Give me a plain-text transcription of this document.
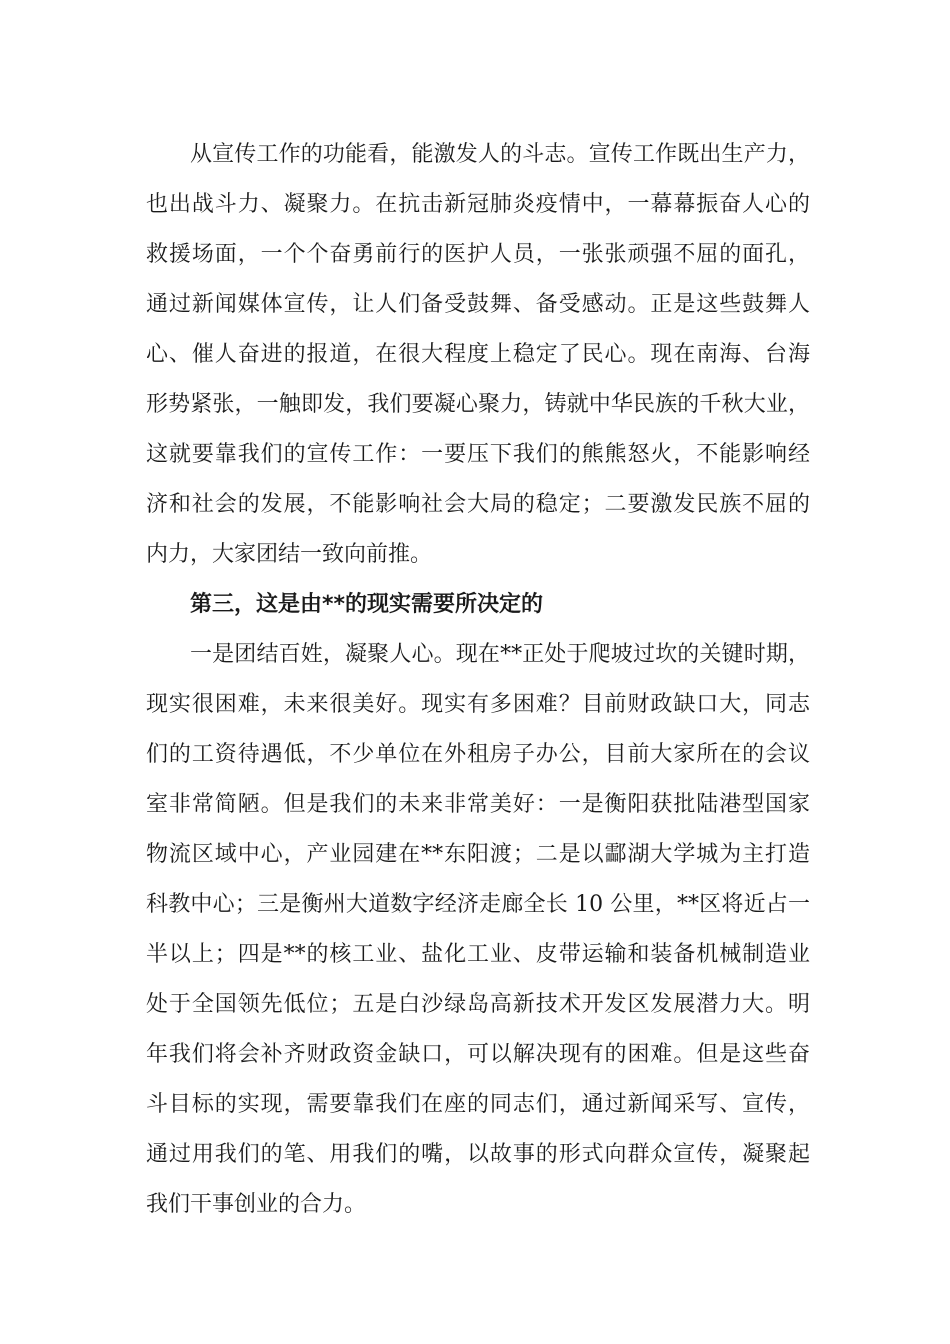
从宣传工作的功能看，能激发人的斗志。宣传工作既出生产力，
也出战斗力、凝聚力。在抗击新冠肺炎疫情中，一幕幕振奋人心的
救援场面，一个个奋勇前行的医护人员，一张张顽强不屈的面孔，
通过新闻媒体宣传，让人们备受鼓舞、备受感动。正是这些鼓舞人
心、催人奋进的报道，在很大程度上稳定了民心。现在南海、台海
形势紧张，一触即发，我们要凝心聚力，铸就中华民族的千秋大业，
这就要靠我们的宣传工作：一要压下我们的熊熊怒火，不能影响经
济和社会的发展，不能影响社会大局的稳定；二要激发民族不屈的
内力，大家团结一致向前推。
第三，这是由**的现实需要所决定的
一是团结百姓，凝聚人心。现在**正处于爬坡过坎的关键时期，
现实很困难，未来很美好。现实有多困难？目前财政缺口大，同志
们的工资待遇低，不少单位在外租房子办公，目前大家所在的会议
室非常简陋。但是我们的未来非常美好：一是衡阳获批陆港型国家
物流区域中心，产业园建在**东阳渡；二是以酃湖大学城为主打造
科教中心；三是衡州大道数字经济走廊全长 10 公里，**区将近占一
半以上；四是**的核工业、盐化工业、皮带运输和装备机械制造业
处于全国领先低位；五是白沙绿岛高新技术开发区发展潜力大。明
年我们将会补齐财政资金缺口，可以解决现有的困难。但是这些奋
斗目标的实现，需要靠我们在座的同志们，通过新闻采写、宣传，
通过用我们的笔、用我们的嘴，以故事的形式向群众宣传，凝聚起
我们干事创业的合力。
